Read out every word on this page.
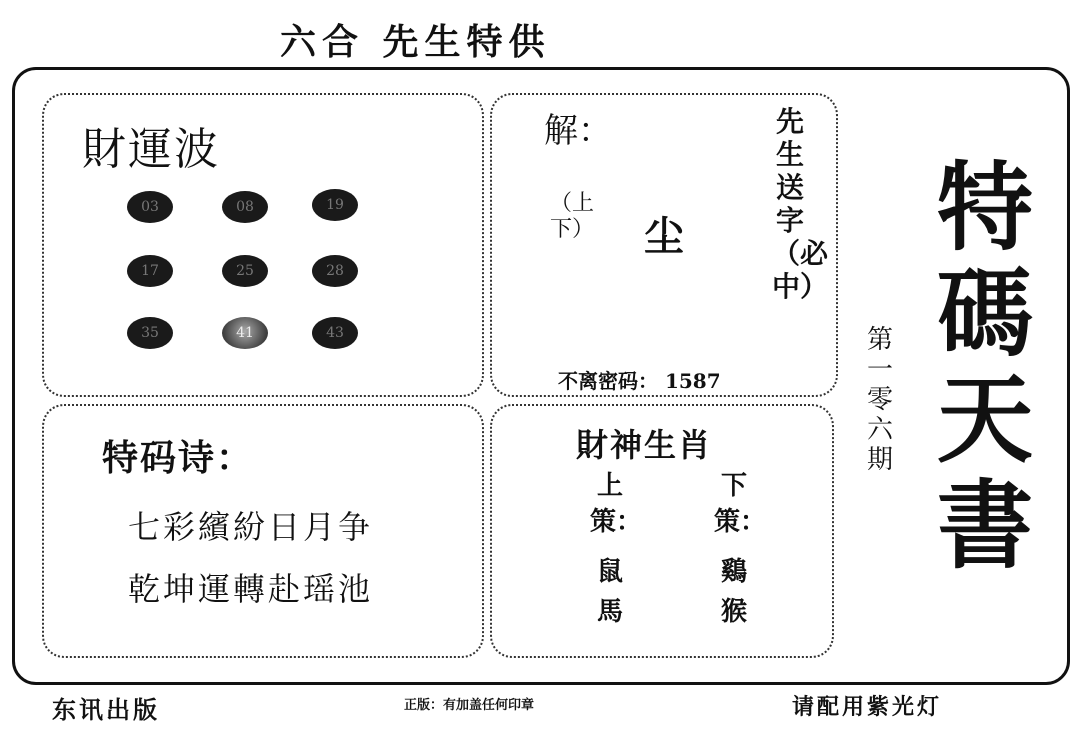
六合 先生特供
財運波
03	08	19
17	25	28
35	41	43
解：
（上下） 尘
先生送字（必中）
不离密码： 1587
特码诗：
七彩繽紛日月争
乾坤運轉赴瑶池
財神生肖
上策：
鼠
馬
下策：
鷄
猴
第一零六期
特碼天書
东讯出版	正版：有加盖任何印章	请配用紫光灯
